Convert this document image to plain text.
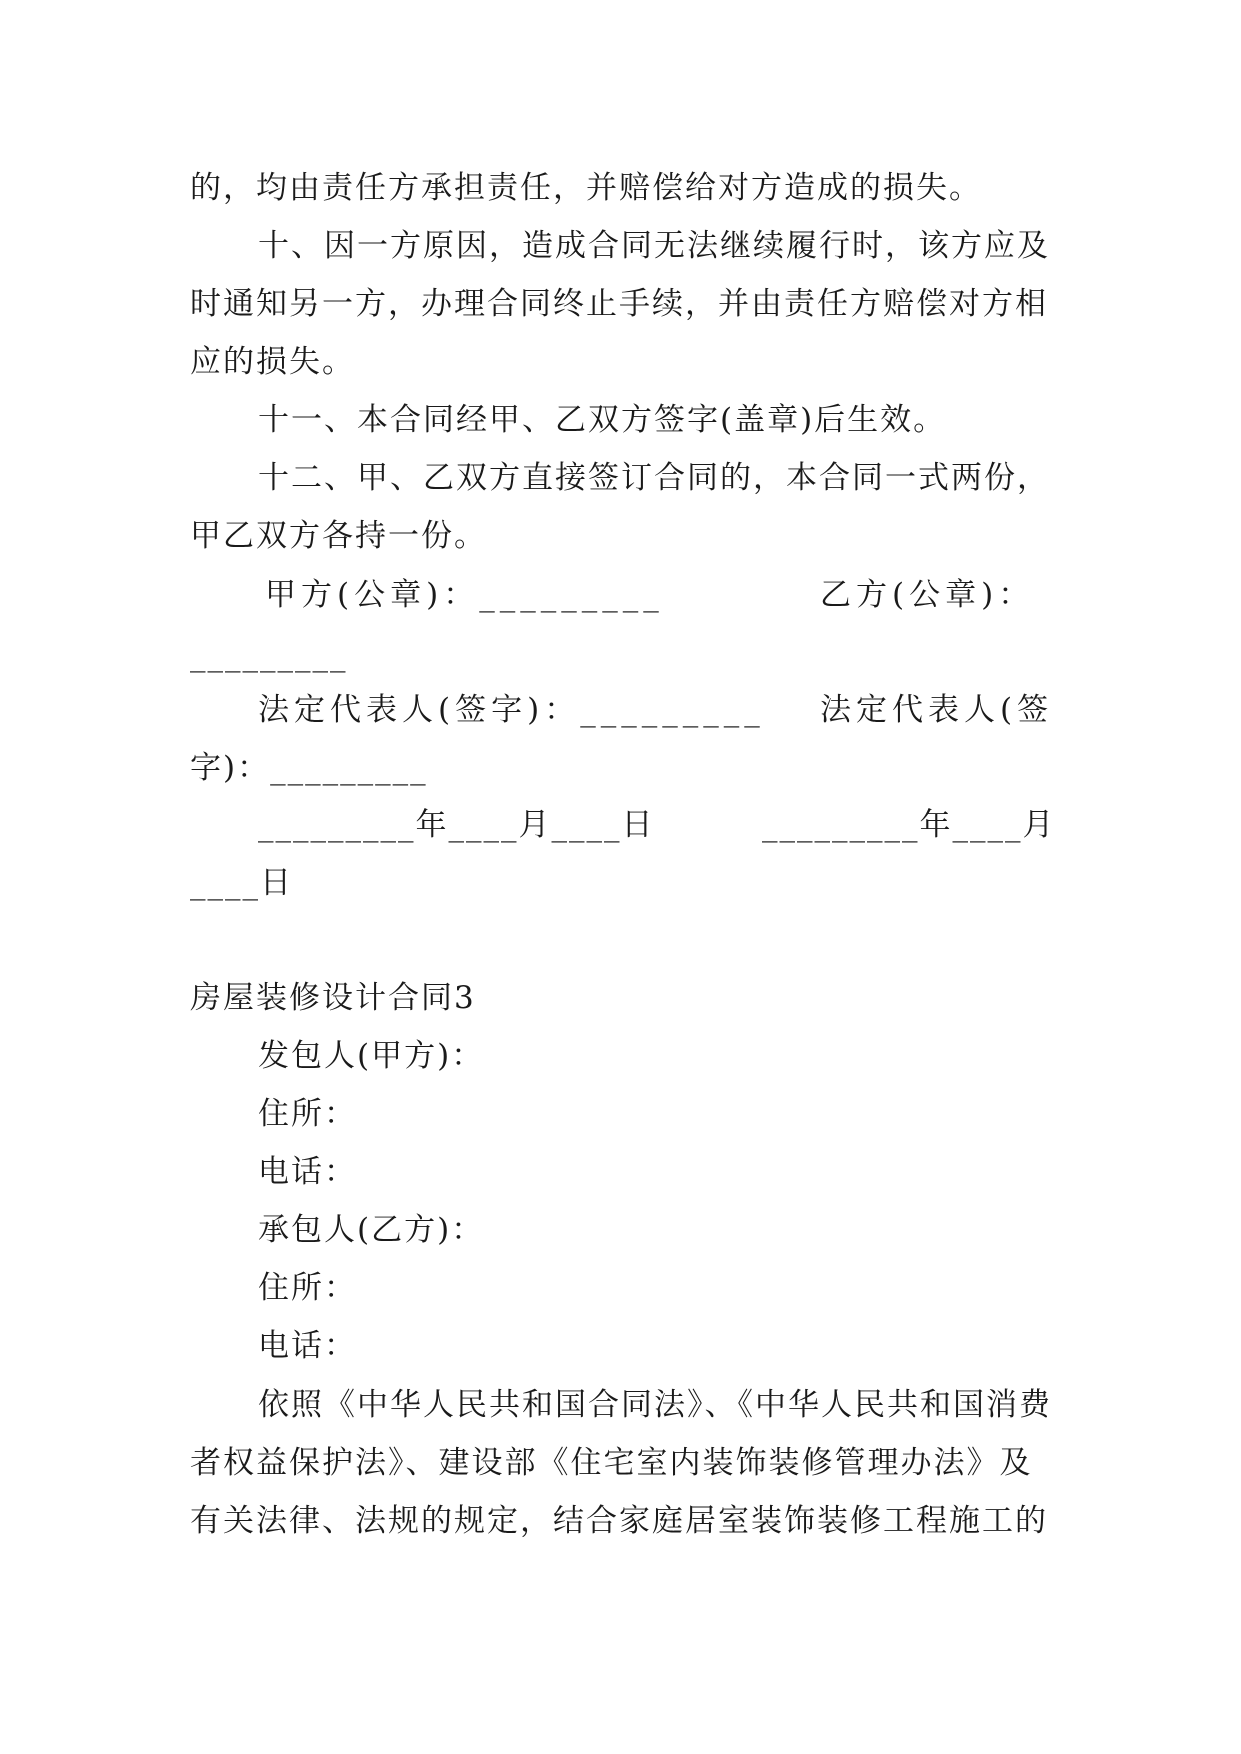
的，均由责任方承担责任，并赔偿给对方造成的损失。
十、因一方原因，造成合同无法继续履行时，该方应及
时通知另一方，办理合同终止手续，并由责任方赔偿对方相
应的损失。
十一、本合同经甲、乙双方签字(盖章)后生效。
十二、甲、乙双方直接签订合同的，本合同一式两份，
甲乙双方各持一份。
甲方(公章)：_________	乙方(公章)：
_________
法定代表人(签字)：_________	法定代表人(签
字)：_________
_________年____月____日	_________年____月
____日
房屋装修设计合同3
发包人(甲方)：
住所：
电话：
承包人(乙方)：
住所：
电话：
依照《中华人民共和国合同法》、《中华人民共和国消费
者权益保护法》、建设部《住宅室内装饰装修管理办法》及
有关法律、法规的规定，结合家庭居室装饰装修工程施工的
